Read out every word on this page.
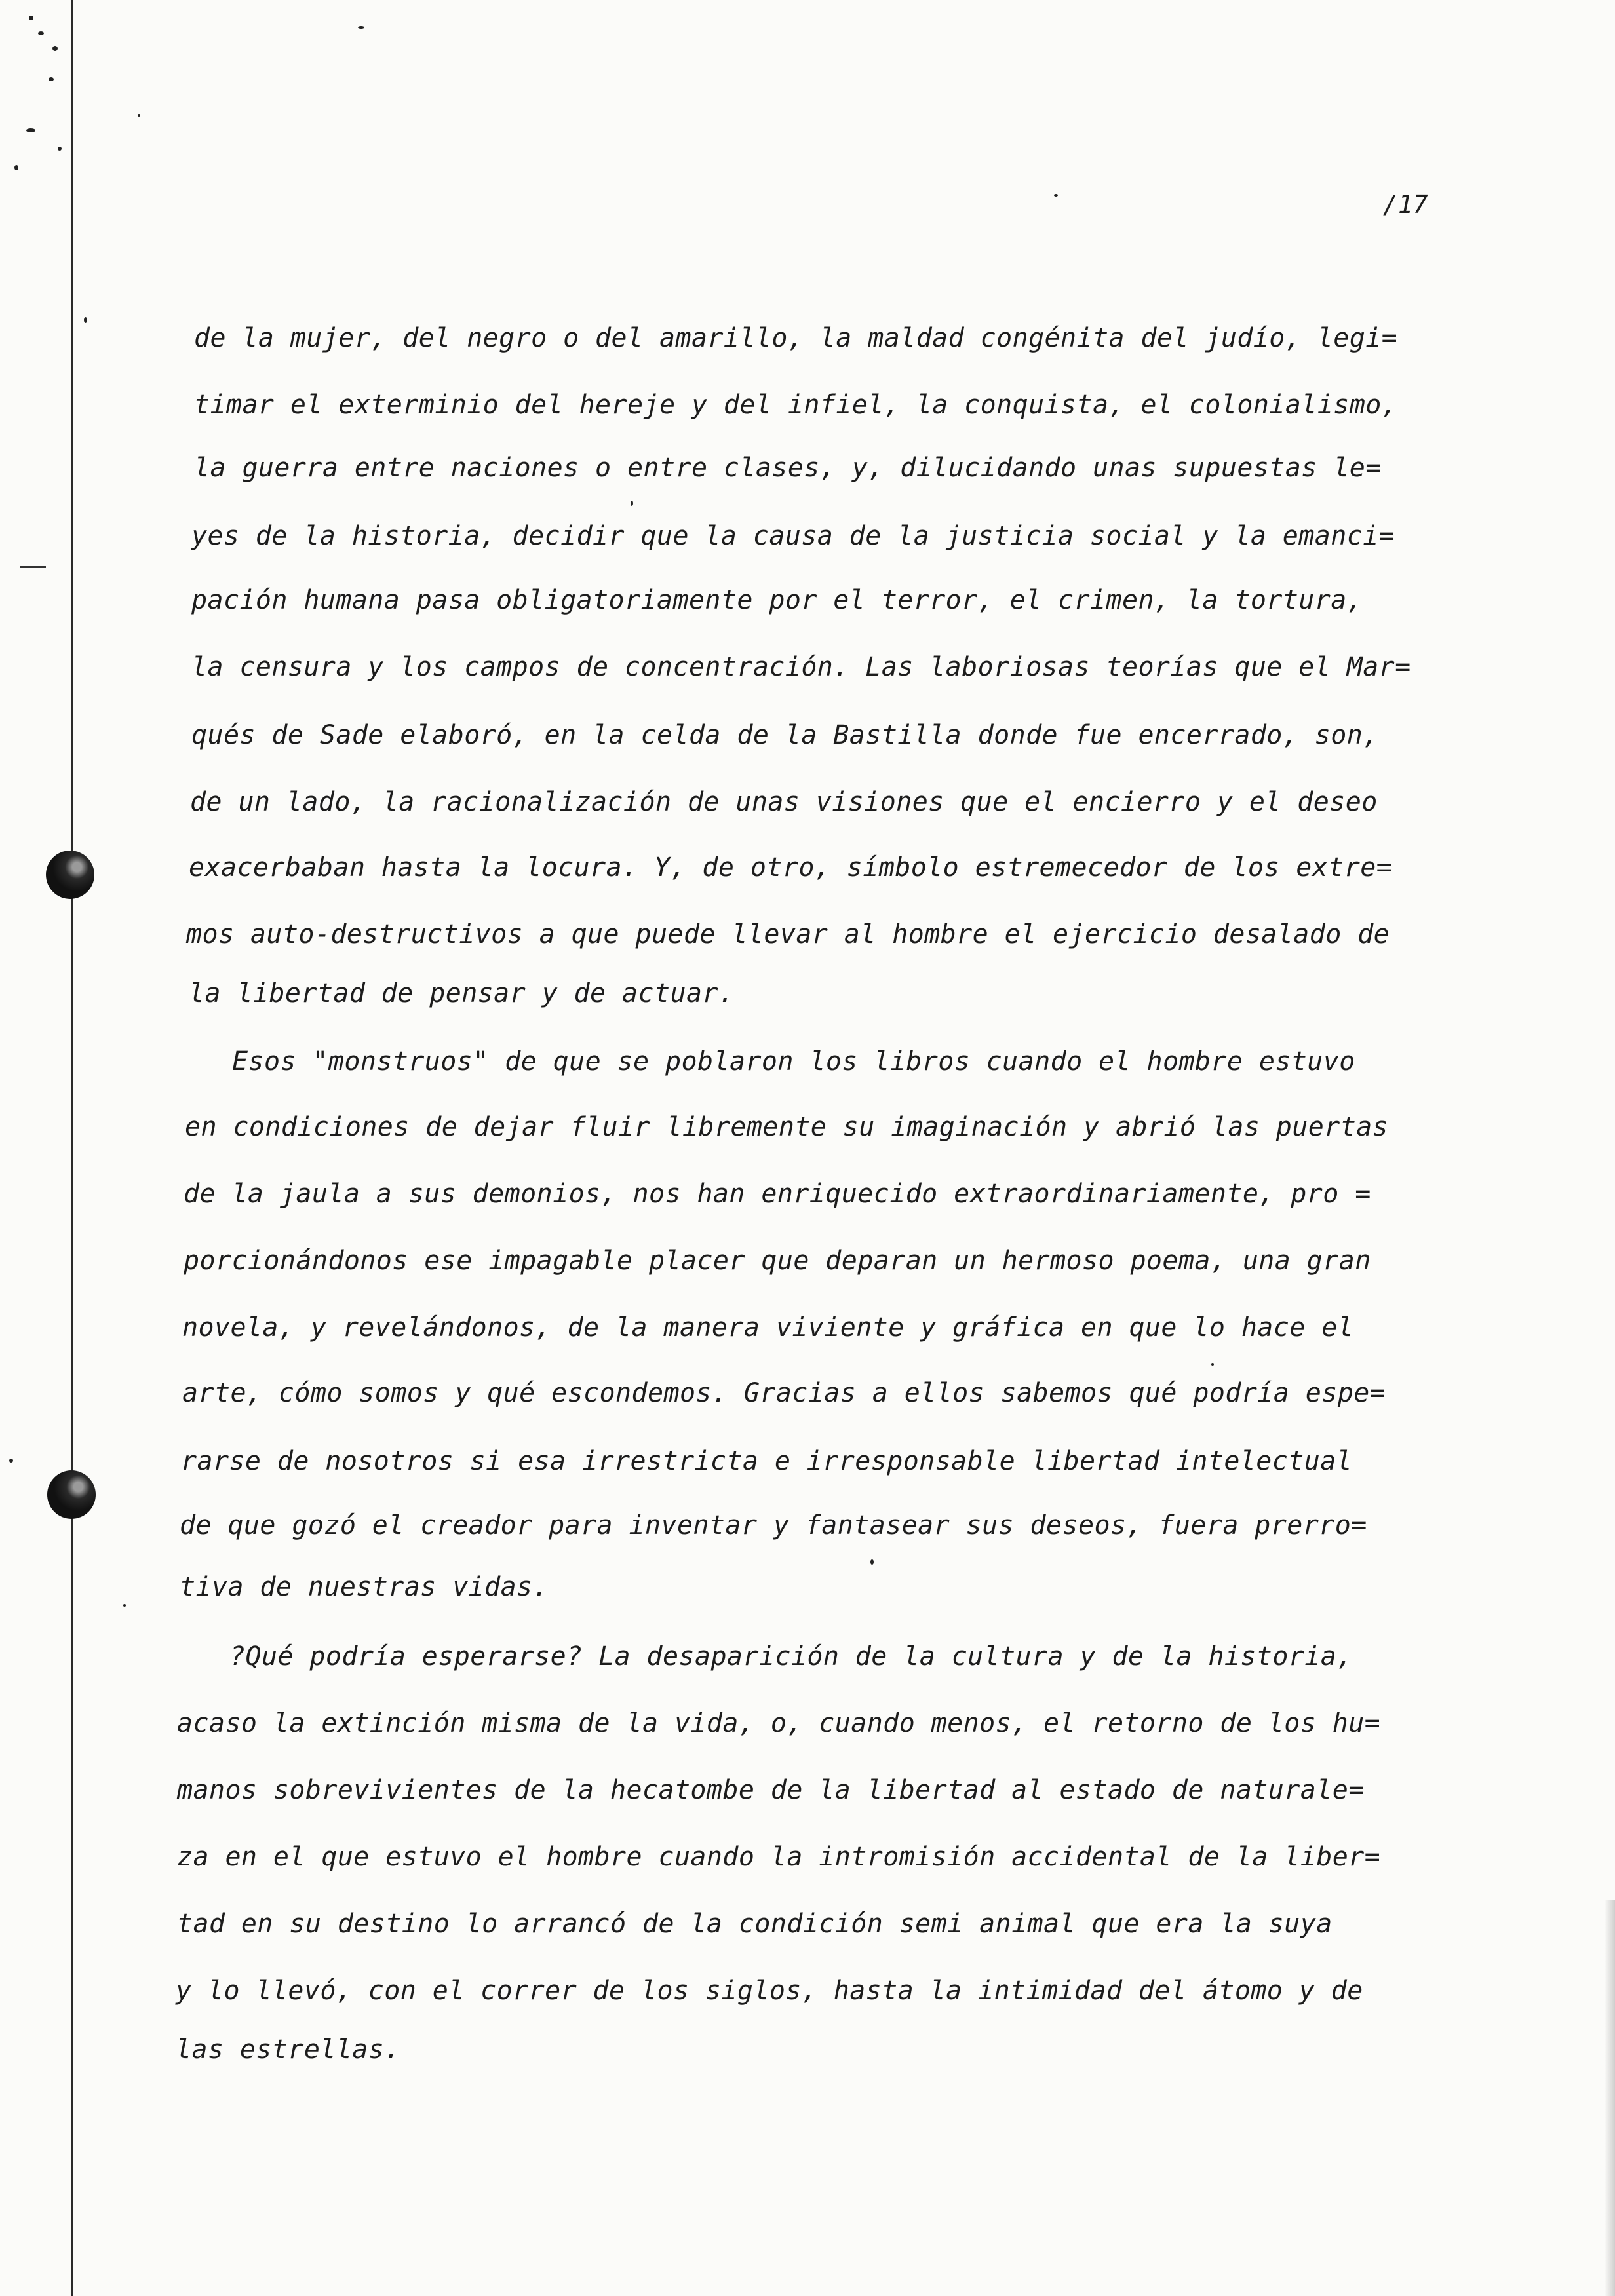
/17
de la mujer, del negro o del amarillo, la maldad congénita del judío, legi=
timar el exterminio del hereje y del infiel, la conquista, el colonialismo,
la guerra entre naciones o entre clases, y, dilucidando unas supuestas le=
yes de la historia, decidir que la causa de la justicia social y la emanci=
pación humana pasa obligatoriamente por el terror, el crimen, la tortura,
la censura y los campos de concentración. Las laboriosas teorías que el Mar=
qués de Sade elaboró, en la celda de la Bastilla donde fue encerrado, son,
de un lado, la racionalización de unas visiones que el encierro y el deseo
exacerbaban hasta la locura. Y, de otro, símbolo estremecedor de los extre=
mos auto-destructivos a que puede llevar al hombre el ejercicio desalado de
la libertad de pensar y de actuar.
Esos "monstruos" de que se poblaron los libros cuando el hombre estuvo
en condiciones de dejar fluir libremente su imaginación y abrió las puertas
de la jaula a sus demonios, nos han enriquecido extraordinariamente, pro =
porcionándonos ese impagable placer que deparan un hermoso poema, una gran
novela, y revelándonos, de la manera viviente y gráfica en que lo hace el
arte, cómo somos y qué escondemos. Gracias a ellos sabemos qué podría espe=
rarse de nosotros si esa irrestricta e irresponsable libertad intelectual
de que gozó el creador para inventar y fantasear sus deseos, fuera prerro=
tiva de nuestras vidas.
?Qué podría esperarse? La desaparición de la cultura y de la historia,
acaso la extinción misma de la vida, o, cuando menos, el retorno de los hu=
manos sobrevivientes de la hecatombe de la libertad al estado de naturale=
za en el que estuvo el hombre cuando la intromisión accidental de la liber=
tad en su destino lo arrancó de la condición semi animal que era la suya
y lo llevó, con el correr de los siglos, hasta la intimidad del átomo y de
las estrellas.
